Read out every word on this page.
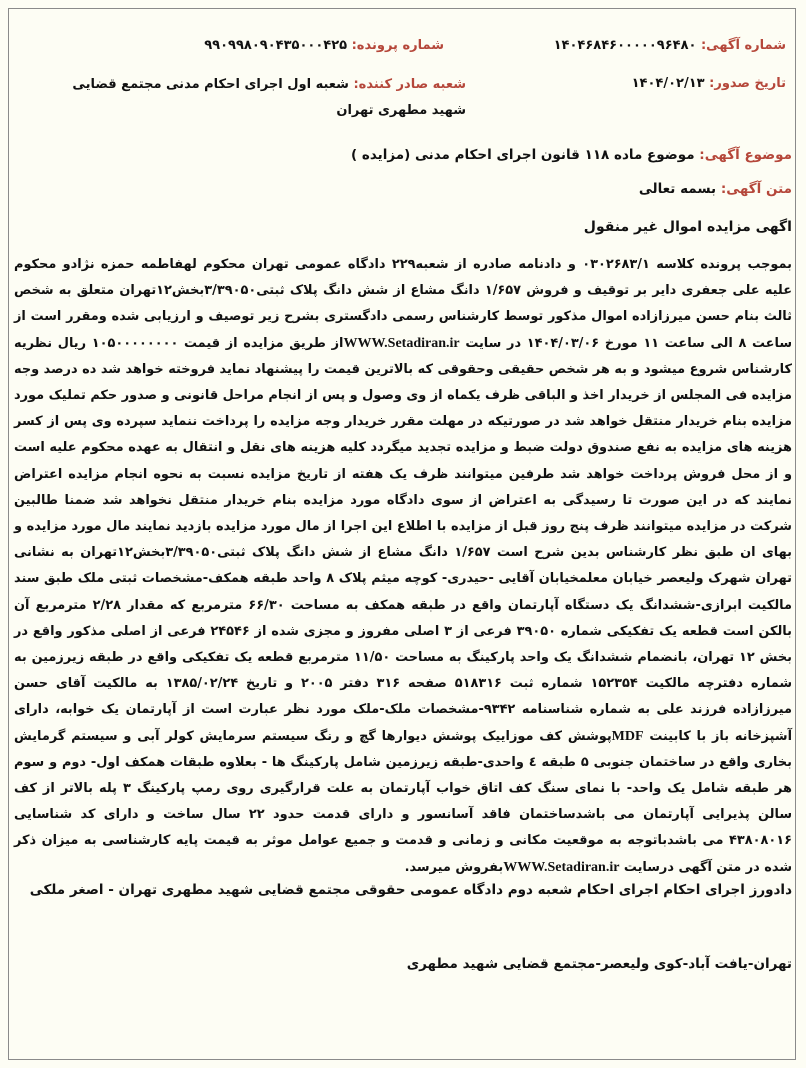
شماره آگهی: ۱۴۰۴۶۸۴۶۰۰۰۰۰۹۶۴۸۰
شماره پرونده: ۹۹۰۹۹۸۰۹۰۴۳۵۰۰۰۴۲۵
تاریخ صدور: ۱۴۰۴/۰۲/۱۳
شعبه صادر کننده: شعبه اول اجرای احکام مدنی مجتمع قضایی شهید مطهری تهران
موضوع آگهی: موضوع ماده ۱۱۸ قانون اجرای احکام مدنی (مزایده )
متن آگهی: بسمه تعالی
اگهی مزایده اموال غیر منقول
بموجب پرونده کلاسه ۰۳۰۲۶۸۳/۱ و دادنامه صادره از شعبه۲۲۹ دادگاه عمومی تهران محکوم لهفاطمه حمزه نژادو محکوم علیه علی جعفری دایر بر توقیف و فروش ۱/۶۵۷ دانگ مشاع از شش دانگ پلاک ثبتی۳/۳۹۰۵۰بخش۱۲تهران متعلق به شخص ثالث بنام حسن میرزازاده اموال مذکور توسط کارشناس رسمی دادگستری بشرح زیر توصیف و ارزیابی شده ومقرر است از ساعت ۸ الی ساعت ۱۱ مورخ ۱۴۰۴/۰۳/۰۶ در سایت WWW.Setadiran.irاز طریق مزایده از قیمت ۱۰۵۰۰۰۰۰۰۰۰ ریال نظریه کارشناس شروع میشود و به هر شخص حقیقی وحقوقی که بالاترین قیمت را پیشنهاد نماید فروخته خواهد شد ده درصد وجه مزایده فی المجلس از خریدار اخذ و الباقی ظرف یکماه از وی وصول و پس از انجام مراحل قانونی و صدور حکم تملیک مورد مزایده بنام خریدار منتقل خواهد شد در صورتیکه در مهلت مقرر خریدار وجه مزایده را پرداخت ننماید سپرده وی پس از کسر هزینه های مزایده به نفع صندوق دولت ضبط و مزایده تجدید میگردد کلیه هزینه های نقل و انتقال به عهده محکوم علیه است و از محل فروش پرداخت خواهد شد طرفین میتوانند ظرف یک هفته از تاریخ مزایده نسبت به نحوه انجام مزایده اعتراض نمایند که در این صورت تا رسیدگی به اعتراض از سوی دادگاه مورد مزایده بنام خریدار منتقل نخواهد شد ضمنا طالبین شرکت در مزایده میتوانند ظرف پنج روز قبل از مزایده با اطلاع این اجرا از مال مورد مزایده بازدید نمایند مال مورد مزایده و بهای ان طبق نظر کارشناس بدین شرح است ۱/۶۵۷ دانگ مشاع از شش دانگ پلاک ثبتی۳/۳۹۰۵۰بخش۱۲تهران به نشانی تهران شهرک ولیعصر خیابان معلمخیابان آقایی -حیدری- کوچه میثم پلاک ۸ واحد طبقه همکف-مشخصات ثبتی ملک طبق سند مالکیت ابرازی-ششدانگ یک دستگاه آپارتمان واقع در طبقه همکف به مساحت ۶۶/۳۰ مترمربع که مقدار ۲/۲۸ مترمربع آن بالکن است قطعه یک تفکیکی شماره ۳۹۰۵۰ فرعی از ۳ اصلی مفروز و مجزی شده از ۲۴۵۴۶ فرعی از اصلی مذکور واقع در بخش ۱۲ تهران، بانضمام ششدانگ یک واحد پارکینگ به مساحت ۱۱/۵۰ مترمربع قطعه یک تفکیکی واقع در طبقه زیرزمین به شماره دفترچه مالکیت ۱۵۲۳۵۴ شماره ثبت ۵۱۸۳۱۶ صفحه ۳۱۶ دفتر ۲۰۰۵ و تاریخ ۱۳۸۵/۰۲/۲۴ به مالکیت آقای حسن میرزازاده فرزند علی به شماره شناسنامه ۹۳۴۲-مشخصات ملک-ملک مورد نظر عبارت است از آپارتمان یک خوابه، دارای آشپزخانه باز با کابینت MDFپوشش کف موزاییک پوشش دیوارها گچ و رنگ سیستم سرمایش کولر آبی و سیستم گرمایش بخاری واقع در ساختمان جنوبی ۵ طبقه ٤ واحدی-طبقه زیرزمین شامل پارکینگ ها - بعلاوه طبقات همکف اول- دوم و سوم هر طبقه شامل یک واحد- با نمای سنگ کف اتاق خواب آپارتمان به علت قرارگیری روی رمپ پارکینگ ۳ پله بالاتر از کف سالن پذیرایی آپارتمان می باشدساختمان فاقد آسانسور و دارای قدمت حدود ۲۲ سال ساخت و دارای کد شناسایی ۴۳۸۰۸۰۱۶ می باشدباتوجه به موقعیت مکانی و زمانی و قدمت و جمیع عوامل موثر به قیمت پایه کارشناسی به میزان ذکر شده در متن آگهی درسایت WWW.Setadiran.irبفروش میرسد.
دادورز اجرای احکام اجرای احکام شعبه دوم دادگاه عمومی حقوقی مجتمع قضایی شهید مطهری تهران - اصغر ملکی
تهران-یافت آباد-کوی ولیعصر-مجتمع قضایی شهید مطهری
